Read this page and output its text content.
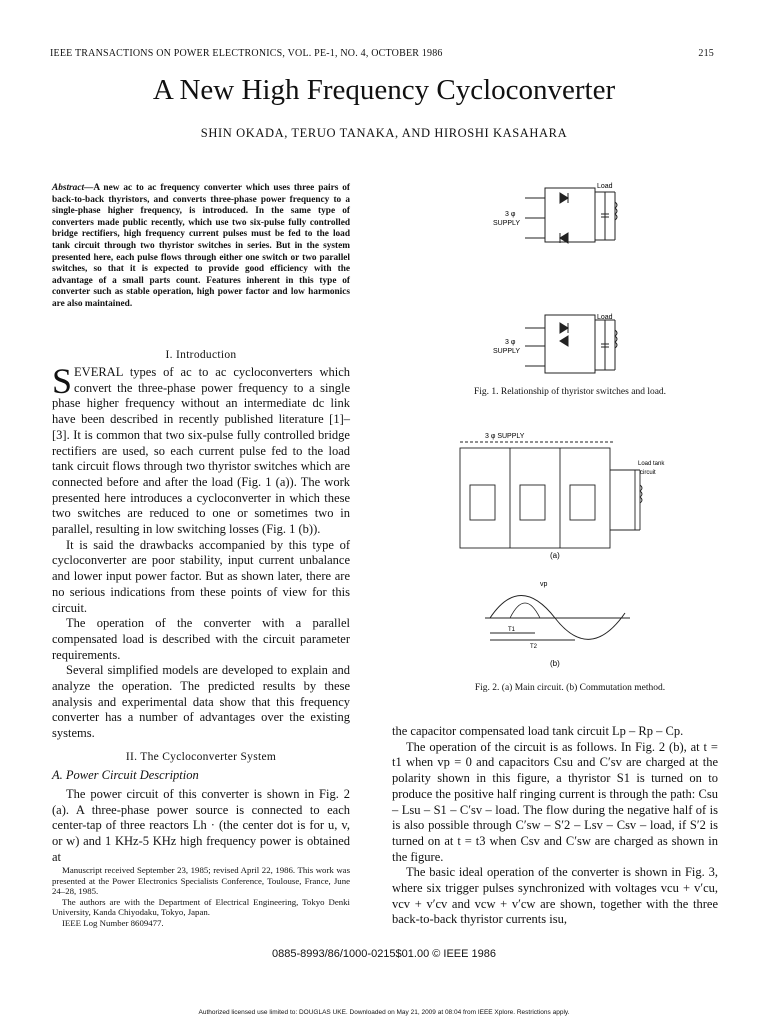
IEEE TRANSACTIONS ON POWER ELECTRONICS, VOL. PE-1, NO. 4, OCTOBER 1986	215
A New High Frequency Cycloconverter
SHIN OKADA, TERUO TANAKA, AND HIROSHI KASAHARA
Abstract—A new ac to ac frequency converter which uses three pairs of back-to-back thyristors, and converts three-phase power frequency to a single-phase higher frequency, is introduced. In the same type of converters made public recently, which use two six-pulse fully controlled bridge rectifiers, high frequency current pulses must be fed to the load tank circuit through two thyristor switches in series. But in the system presented here, each pulse flows through either one switch or two parallel switches, so that it is expected to provide good efficiency with the advantage of a small parts count. Features inherent in this type of converter such as stable operation, high power factor and low harmonics are also maintained.
I. Introduction

SEVERAL types of ac to ac cycloconverters which convert the three-phase power frequency to a single phase higher frequency without an intermediate dc link have been described in recently published literature [1]–[3]. It is common that two six-pulse fully controlled bridge rectifiers are used, so each current pulse fed to the load tank circuit flows through two thyristor switches which are connected before and after the load (Fig. 1 (a)). The work presented here introduces a cycloconverter in which these two switches are reduced to one or sometimes two in parallel, resulting in low switching losses (Fig. 1 (b)).

It is said the drawbacks accompanied by this type of cycloconverter are poor stability, input current unbalance and lower input power factor. But as shown later, there are no serious indications from these points of view for this circuit.

The operation of the converter with a parallel compensated load is described with the circuit parameter requirements.

Several simplified models are developed to explain and analyze the operation. The predicted results by these analysis and experimental data show that this frequency converter has a number of advantages over the existing systems.

II. The Cycloconverter System
A. Power Circuit Description

The power circuit of this converter is shown in Fig. 2 (a). A three-phase power source is connected to each center-tap of three reactors Lh · (the center dot is for u, v, or w) and 1 KHz-5 KHz high frequency power is obtained at

Manuscript received September 23, 1985; revised April 22, 1986. This work was presented at the Power Electronics Specialists Conference, Toulouse, France, June 24–28, 1985.

The authors are with the Department of Electrical Engineering, Tokyo Denki University, Kanda Chiyodaku, Tokyo, Japan.

IEEE Log Number 8609477.

Load
3 φ
SUPPLY
Load
3 φ
SUPPLY
Fig. 1. Relationship of thyristor switches and load.
3 φ SUPPLY
Load tank
circuit
(a)
vp
T1
T2
(b)
Fig. 2. (a) Main circuit. (b) Commutation method.

the capacitor compensated load tank circuit Lp – Rp – Cp.

The operation of the circuit is as follows. In Fig. 2 (b), at t = t1 when vp = 0 and capacitors Csu and C′sv are charged at the polarity shown in this figure, a thyristor S1 is turned on to produce the positive half ringing current is through the path: Csu – Lsu – S1 – C′sv – load. The flow during the negative half of is is also possible through C′sw – S′2 – Lsv – Csv – load, if S′2 is turned on at t = t3 when Csv and C′sw are charged as shown in the figure.

The basic ideal operation of the converter is shown in Fig. 3, where six trigger pulses synchronized with voltages vcu + v′cu, vcv + v′cv and vcw + v′cw are shown, together with the three back-to-back thyristor currents isu,

0885-8993/86/1000-0215$01.00 © IEEE 1986
Authorized licensed use limited to: DOUGLAS UKE. Downloaded on May 21, 2009 at 08:04 from IEEE Xplore. Restrictions apply.
